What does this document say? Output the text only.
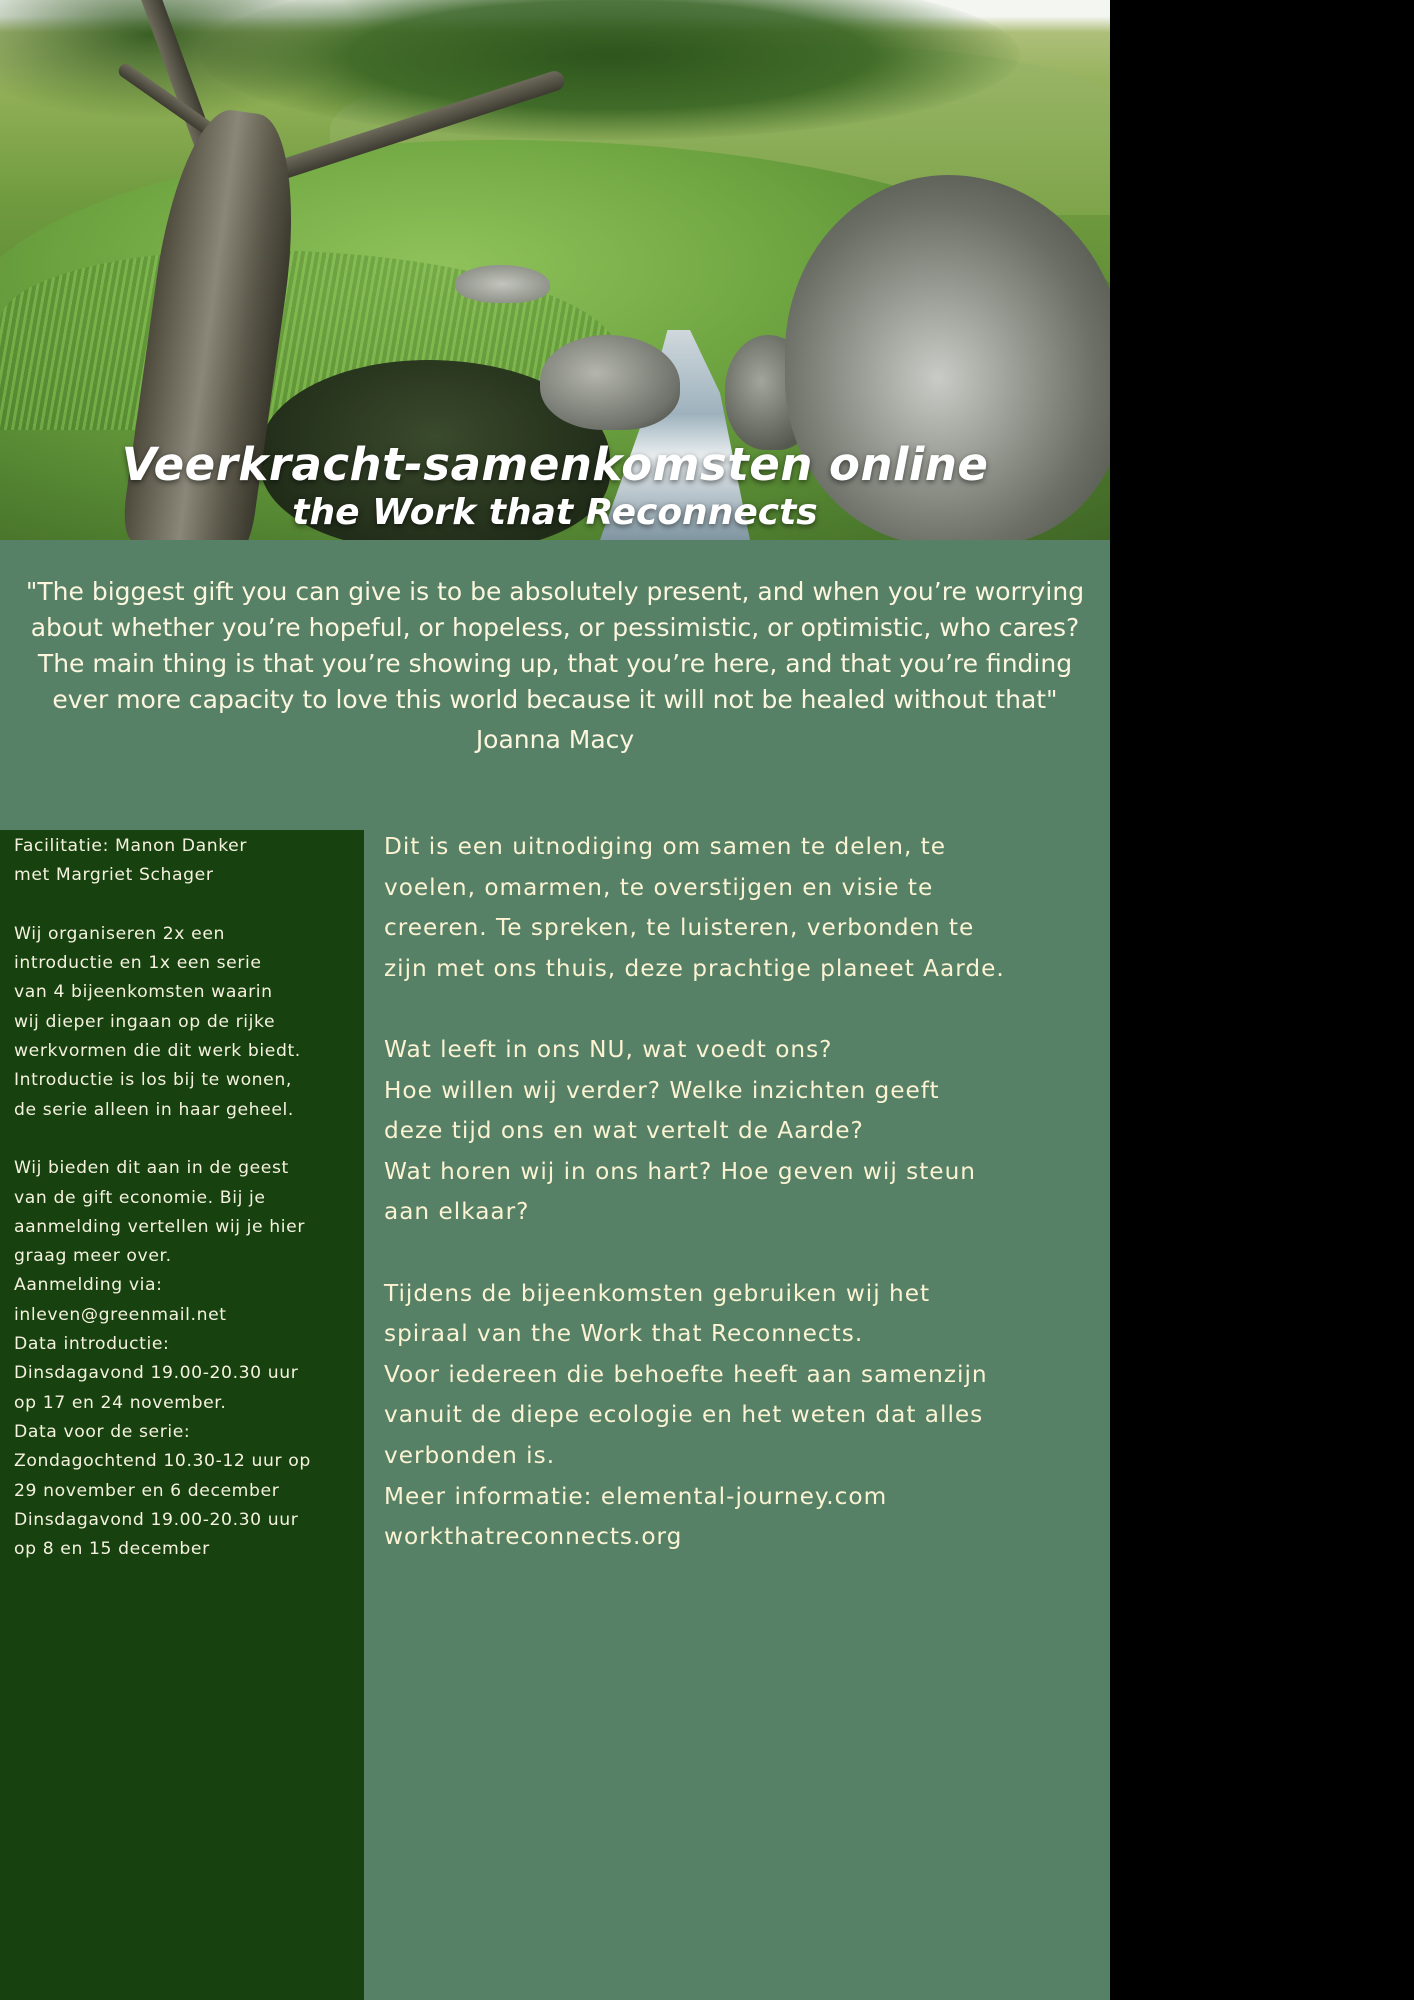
Veerkracht-samenkomsten online
the Work that Reconnects
"The biggest gift you can give is to be absolutely present, and when you’re worrying
about whether you’re hopeful, or hopeless, or pessimistic, or optimistic, who cares?
The main thing is that you’re showing up, that you’re here, and that you’re finding
ever more capacity to love this world because it will not be healed without that"
Joanna Macy
Facilitatie: Manon Danker
met Margriet Schager
Wij organiseren 2x een
introductie en 1x een serie
van 4 bijeenkomsten waarin
wij dieper ingaan op de rijke
werkvormen die dit werk biedt.
Introductie is los bij te wonen,
de serie alleen in haar geheel.
Wij bieden dit aan in de geest
van de gift economie. Bij je
aanmelding vertellen wij je hier
graag meer over.
Aanmelding via:
inleven@greenmail.net
Data introductie:
Dinsdagavond 19.00-20.30 uur
op 17 en 24 november.
Data voor de serie:
Zondagochtend 10.30-12 uur op
29 november en 6 december
Dinsdagavond 19.00-20.30 uur
op 8 en 15 december
Dit is een uitnodiging om samen te delen, te
voelen, omarmen, te overstijgen en visie te
creeren. Te spreken, te luisteren, verbonden te
zijn met ons thuis, deze prachtige planeet Aarde.
Wat leeft in ons NU, wat voedt ons?
Hoe willen wij verder? Welke inzichten geeft
deze tijd ons en wat vertelt de Aarde?
Wat horen wij in ons hart? Hoe geven wij steun
aan elkaar?
Tijdens de bijeenkomsten gebruiken wij het
spiraal van the Work that Reconnects.
Voor iedereen die behoefte heeft aan samenzijn
vanuit de diepe ecologie en het weten dat alles
verbonden is.
Meer informatie: elemental-journey.com
workthatreconnects.org
